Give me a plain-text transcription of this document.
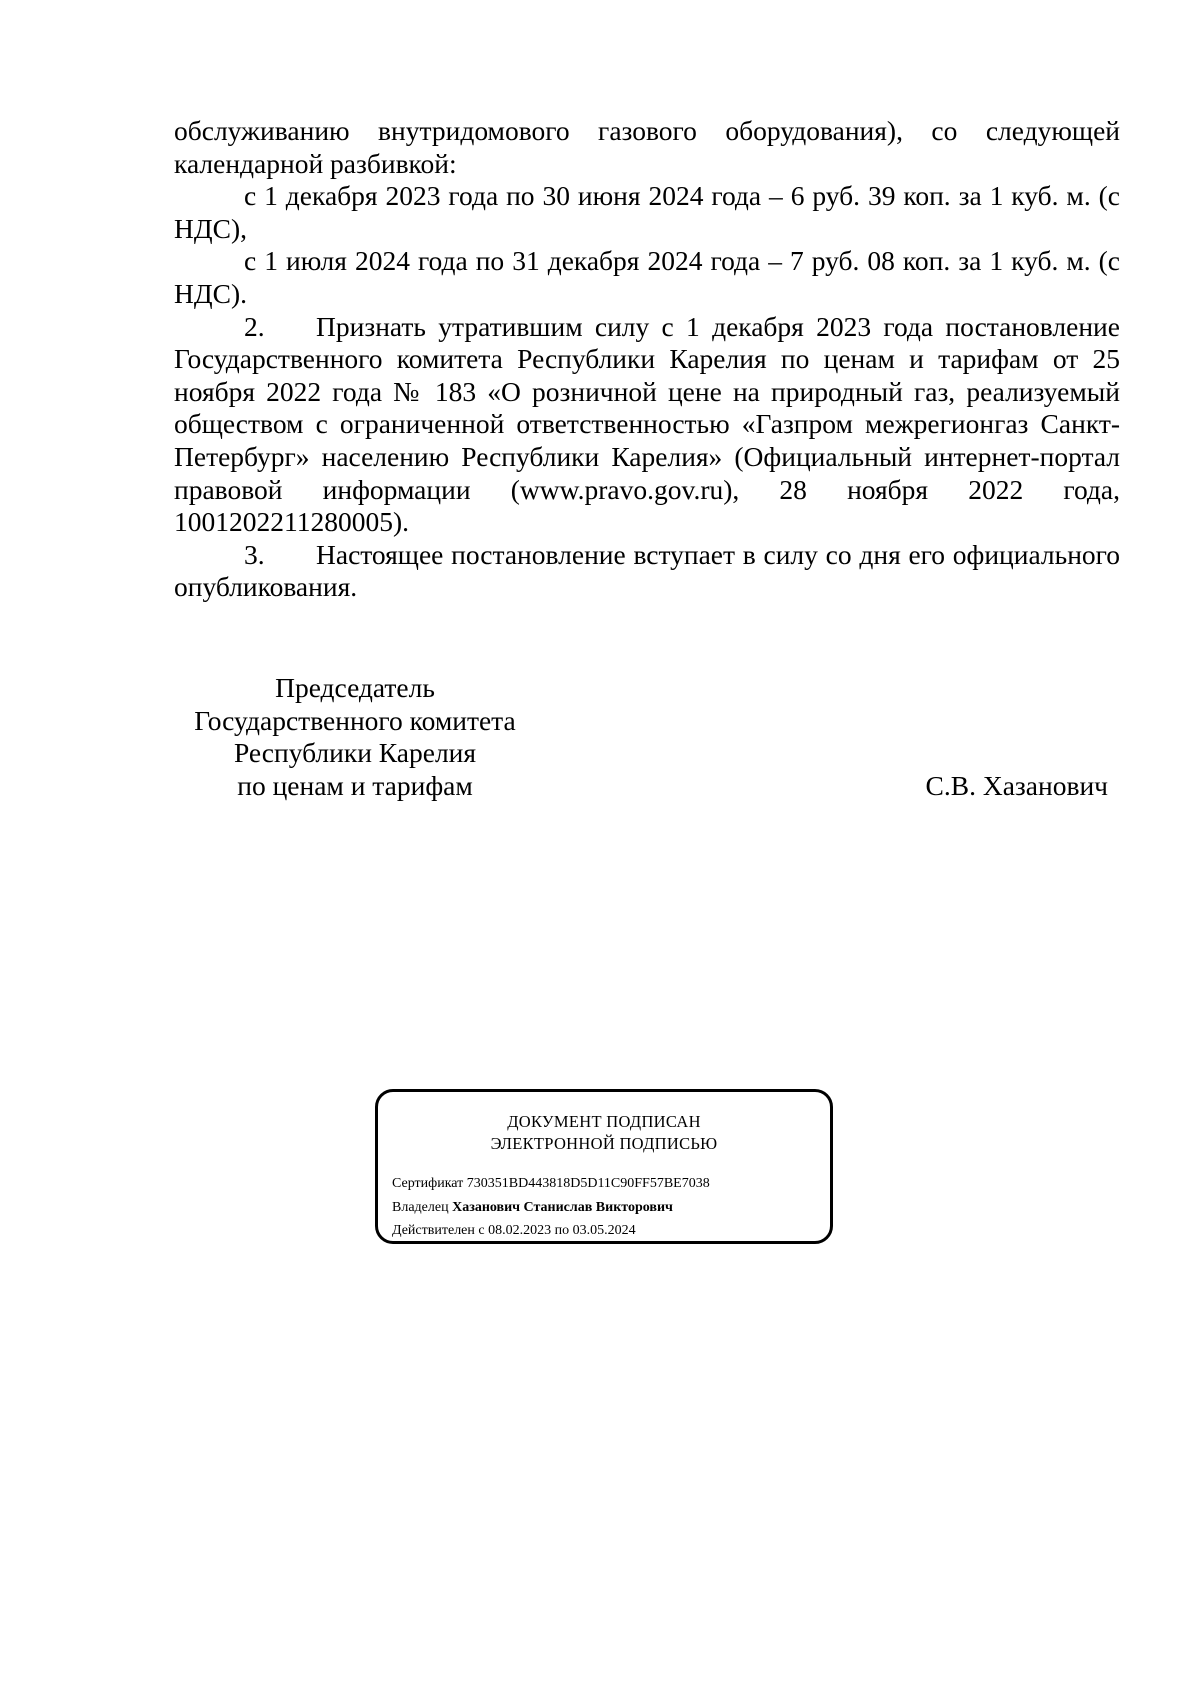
обслуживанию внутридомового газового оборудования), со следующей календарной разбивкой:

с 1 декабря 2023 года по 30 июня 2024 года – 6 руб. 39 коп. за 1 куб. м. (с НДС),

с 1 июля 2024 года по 31 декабря 2024 года – 7 руб. 08 коп. за 1 куб. м. (с НДС).

2. Признать утратившим силу с 1 декабря 2023 года постановление Государственного комитета Республики Карелия по ценам и тарифам от 25 ноября 2022 года № 183 «О розничной цене на природный газ, реализуемый обществом с ограниченной ответственностью «Газпром межрегионгаз Санкт-Петербург» населению Республики Карелия» (Официальный интернет-портал правовой информации (www.pravo.gov.ru), 28 ноября 2022 года, 1001202211280005).

3. Настоящее постановление вступает в силу со дня его официального опубликования.

Председатель
Государственного комитета
Республики Карелия
по ценам и тарифам	С.В. Хазанович
ДОКУМЕНТ ПОДПИСАН
ЭЛЕКТРОННОЙ ПОДПИСЬЮ
Сертификат 730351BD443818D5D11C90FF57BE7038
Владелец Хазанович Станислав Викторович
Действителен с 08.02.2023 по 03.05.2024
